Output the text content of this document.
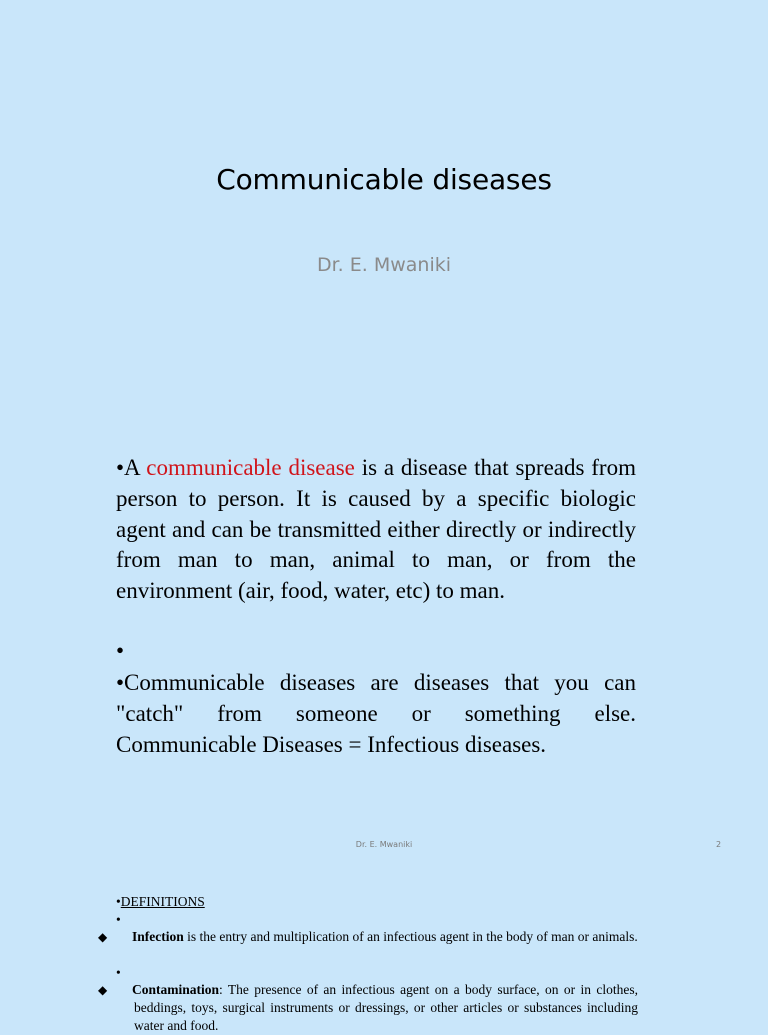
Communicable diseases
Dr. E. Mwaniki
•A communicable disease is a disease that spreads from person to person. It is caused by a specific biologic agent and can be transmitted either directly or indirectly from man to man, animal to man, or from the environment (air, food, water, etc) to man.
•
•Communicable diseases are diseases that you can "catch" from someone or something else. Communicable Diseases = Infectious diseases.
Dr. E. Mwaniki	2
•DEFINITIONS
•
◆ Infection is the entry and multiplication of an infectious agent in the body of man or animals.
•
◆ Contamination: The presence of an infectious agent on a body surface, on or in clothes, beddings, toys, surgical instruments or dressings, or other articles or substances including water and food.
